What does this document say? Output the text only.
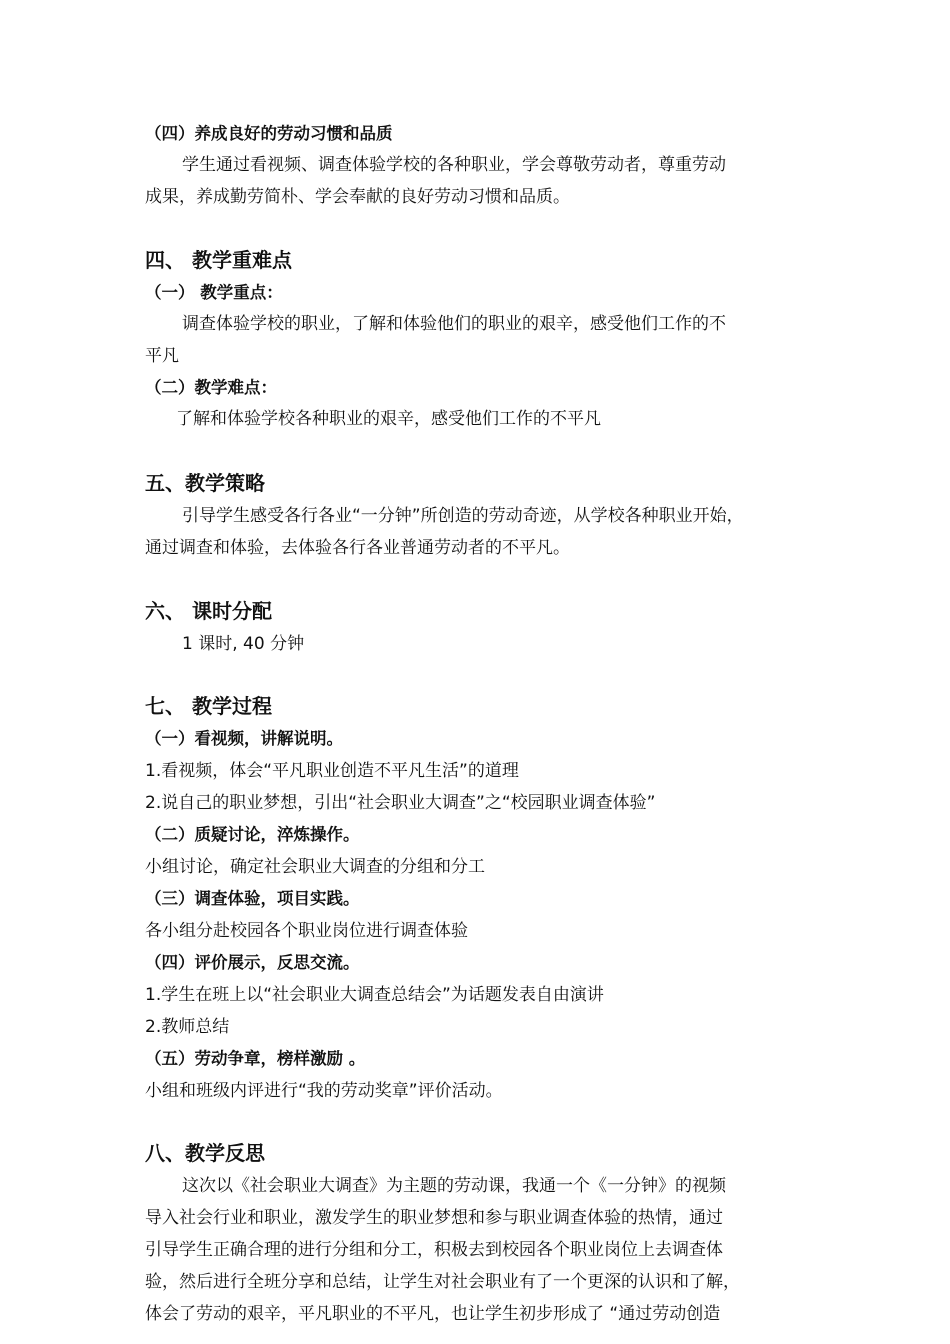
（四）养成良好的劳动习惯和品质
学生通过看视频、调查体验学校的各种职业，学会尊敬劳动者，尊重劳动
成果，养成勤劳简朴、学会奉献的良好劳动习惯和品质。
四、 教学重难点
（一） 教学重点：
调查体验学校的职业，了解和体验他们的职业的艰辛，感受他们工作的不
平凡
（二）教学难点：
了解和体验学校各种职业的艰辛，感受他们工作的不平凡
五、教学策略
引导学生感受各行各业“一分钟”所创造的劳动奇迹，从学校各种职业开始，
通过调查和体验，去体验各行各业普通劳动者的不平凡。
六、 课时分配
1 课时, 40 分钟
七、 教学过程
（一）看视频，讲解说明。
1.看视频，体会“平凡职业创造不平凡生活”的道理
2.说自己的职业梦想，引出“社会职业大调查”之“校园职业调查体验”
（二）质疑讨论，淬炼操作。
小组讨论，确定社会职业大调查的分组和分工
（三）调查体验，项目实践。
各小组分赴校园各个职业岗位进行调查体验
（四）评价展示，反思交流。
1.学生在班上以“社会职业大调查总结会”为话题发表自由演讲
2.教师总结
（五）劳动争章，榜样激励 。
小组和班级内评进行“我的劳动奖章”评价活动。
八、教学反思
这次以《社会职业大调查》为主题的劳动课，我通一个《一分钟》的视频
导入社会行业和职业，激发学生的职业梦想和参与职业调查体验的热情，通过
引导学生正确合理的进行分组和分工，积极去到校园各个职业岗位上去调查体
验，然后进行全班分享和总结，让学生对社会职业有了一个更深的认识和了解，
体会了劳动的艰辛，平凡职业的不平凡，也让学生初步形成了 “通过劳动创造
